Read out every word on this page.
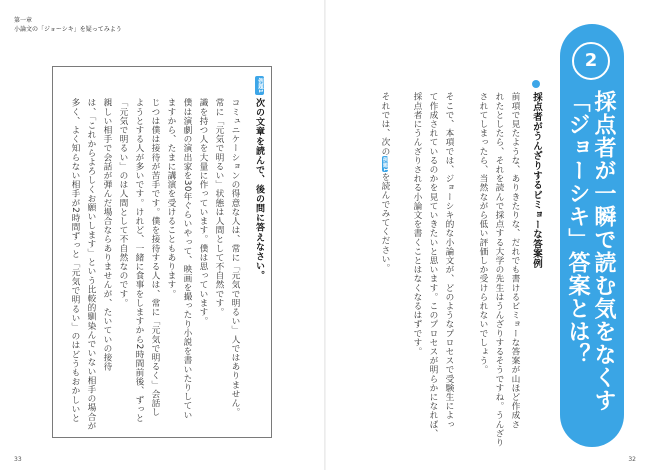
第一章
小論文の「ジョーシキ」を疑ってみよう
例題1
次の文章を読んで、後の問に答えなさい。
コミュニケーションの得意な人は、常に「元気で明るい」人ではありません。
常に「元気で明るい」状態は人間として不自然です。
識を持つ人を大量に作っています。僕は思っています。
僕は演劇の演出家を30年ぐらいやって、映画を撮ったり小説を書いたりしてい
ますから、たまに講演を受けることもあります。
じつは僕は接待が苦手です。僕を接待する人は、常に「元気で明るく」会話し
ようとする人が多いです。けれど、一緒に食事をしますから2時間前後、ずっと
「元気で明るい」のは人間として不自然なのです。
親しい相手で会話が弾んだ場合ならありませんが、たいていの接待
は、「これからよろしくお願いします」という比較的馴染んでいない相手の場合が
多く、よく知らない相手が2時間ずっと「元気で明るい」のはどうもおかしいと
33	32
2
採点者が一瞬で読む気をなくす
「ジョーシキ」答案とは？
採点者がうんざりするビミョーな答案例
前項で見たような、ありきたりな、だれでも書けるビミョーな答案が山ほど作成さ
れたとしたら、それを読んで採点する大学の先生はうんざりするそうですね。うんざり
されてしまったら、当然ながら低い評価しか受けられないでしょう。
そこで、本項では、ジョーシキ的な小論文が、どのようなプロセスで受験生によっ
て作成されているのかを見ていきたいと思います。このプロセスが明らかになれば、
採点者にうんざりされる小論文を書くことはなくなるはずです。
それでは、次の例題1を読んでみてください。
